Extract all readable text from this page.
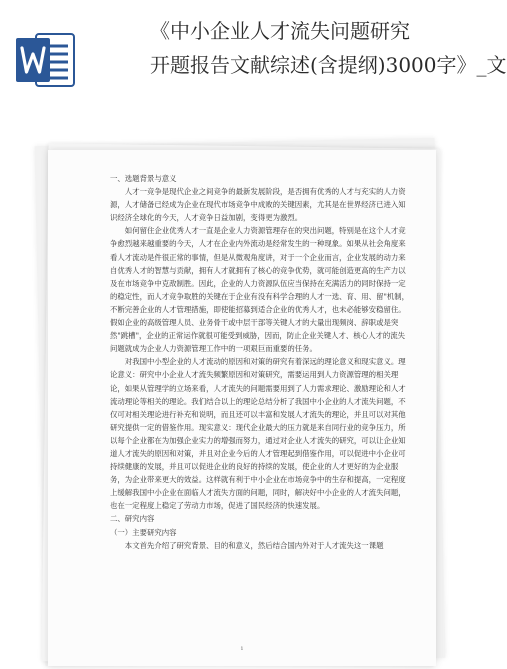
《中小企业人才流失问题研究
开题报告文献综述(含提纲)3000字》_文

一、选题背景与意义

人才一竞争是现代企业之间竞争的最新发展阶段，是否拥有优秀的人才与充实的人力资源，人才储备已经成为企业在现代市场竞争中成败的关键因素，尤其是在世界经济已进入知识经济全球化的今天，人才竞争日益加剧，变得更为激烈。

如何留住企业优秀人才一直是企业人力资源管理存在的突出问题，特别是在这个人才竞争愈烈越来越重要的今天，人才在企业内外流动是经常发生的一种现象。如果从社会角度来看人才流动是件很正常的事情，但是从微观角度讲，对于一个企业而言，企业发展的动力来自优秀人才的智慧与贡献，拥有人才就拥有了核心的竞争优势，就可能创造更高的生产力以及在市场竞争中克敌制胜。因此，企业的人力资源队伍应当保持在充满活力的同时保持一定的稳定性，而人才竞争取胜的关键在于企业有没有科学合理的人才一选、育、用、留"机制，不断完善企业的人才管理措施，即使能招募到适合企业的优秀人才，也未必能够安稳留住。假如企业的高级管理人员、业务骨干或中层干部等关键人才的大量出现频岗、辞职或是突然"跳槽"，企业的正常运作就很可能受到威胁，因而，防止企业关键人才、核心人才的流失问题就成为企业人力资源管理工作中的一项艰巨而重要的任务。

对我国中小型企业的人才流动的原因和对策的研究有着深远的理论意义和现实意义。理论意义：研究中小企业人才流失频繁原因和对策研究，需要运用到人力资源管理的相关理论，如果从管理学的立场来看，人才流失的问题需要用到了人力需求理论、激励理论和人才流动理论等相关的理论。我们结合以上的理论总结分析了我国中小企业的人才流失问题，不仅可对相关理论进行补充和说明，而且还可以丰富和发展人才流失的理论，并且可以对其他研究提供一定的借鉴作用。现实意义：现代企业最大的压力就是来自同行业的竞争压力，所以每个企业都在为加强企业实力的增强而努力，通过对企业人才流失的研究，可以让企业知道人才流失的原因和对策，并且对企业今后的人才管理起到借鉴作用，可以促进中小企业可持续健康的发展，并且可以促进企业的良好的持续的发展，使企业的人才更好的为企业服务，为企业带来更大的效益。这样就有利于中小企业在市场竞争中的生存和提高，一定程度上缓解我国中小企业在面临人才流失方面的问题，同时，解决好中小企业的人才流失问题，也在一定程度上稳定了劳动力市场，促进了国民经济的快速发展。

二、研究内容

（一）主要研究内容

本文首先介绍了研究背景、目的和意义，然后结合国内外对于人才流失这一课题

1
